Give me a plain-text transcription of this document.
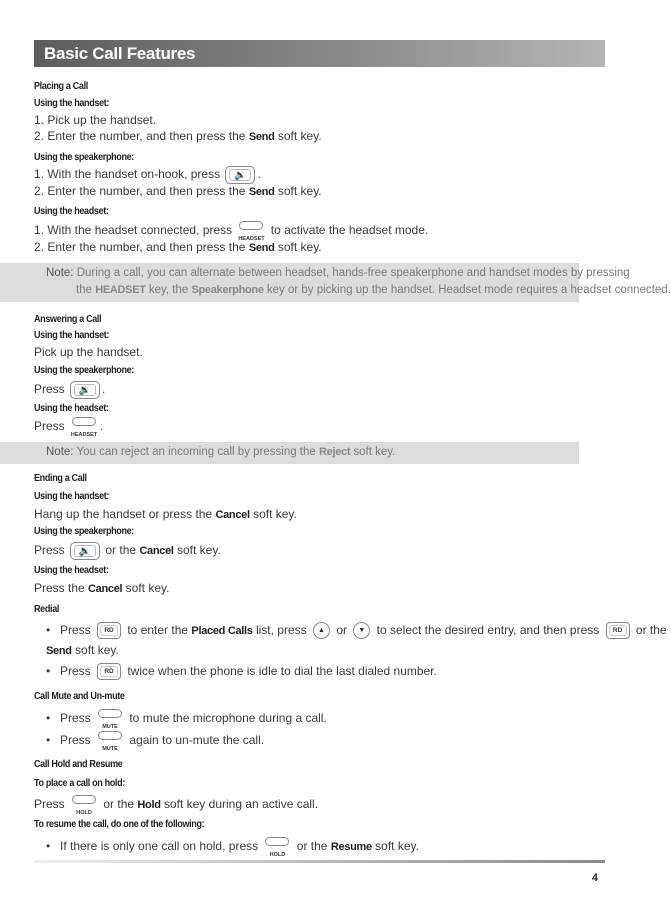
Basic Call Features
Placing a Call
Using the handset:
1. Pick up the handset.
2. Enter the number, and then press the Send soft key.
Using the speakerphone:
1. With the handset on-hook, press	🔉 .
2. Enter the number, and then press the Send soft key.
Using the headset:
1. With the headset connected, press
HEADSET
to activate the headset mode.
2. Enter the number, and then press the Send soft key.
Note: During a call, you can alternate between headset, hands-free speakerphone and handset modes by pressing
the HEADSET key, the Speakerphone key or by picking up the handset. Headset mode requires a headset connected.
Answering a Call
Using the handset:
Pick up the handset.
Using the speakerphone:
Press	🔉 .
Using the headset:
Press
HEADSET
.
Note: You can reject an incoming call by pressing the Reject soft key.
Ending a Call
Using the handset:
Hang up the handset or press the Cancel soft key.
Using the speakerphone:
Press	🔉 or the Cancel soft key.
Using the headset:
Press the Cancel soft key.
Redial
• Press RD to enter the Placed Calls list, press ▲ or ▼ to select the desired entry, and then press RD or the
Send soft key.
• Press RD twice when the phone is idle to dial the last dialed number.
Call Mute and Un-mute
• Press
MUTE
to mute the microphone during a call.
• Press
MUTE
again to un-mute the call.
Call Hold and Resume
To place a call on hold:
Press
HOLD
or the Hold soft key during an active call.
To resume the call, do one of the following:
• If there is only one call on hold, press
HOLD
or the Resume soft key.
4
